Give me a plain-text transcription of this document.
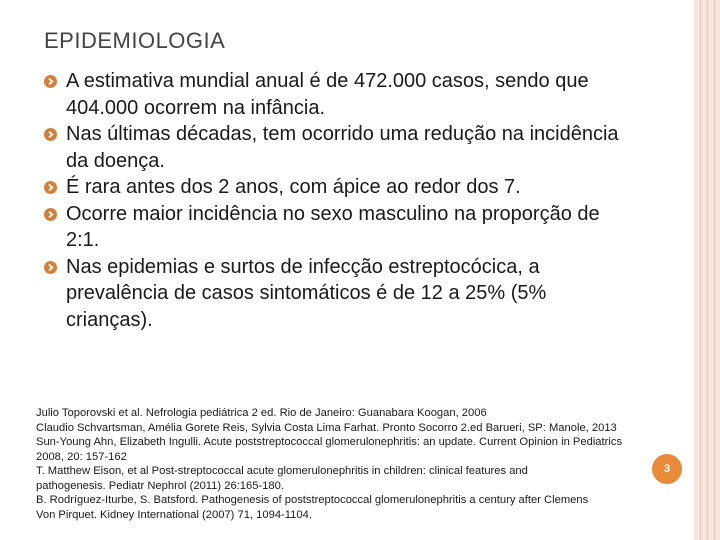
EPIDEMIOLOGIA
A estimativa mundial anual é de 472.000 casos, sendo que 404.000 ocorrem na infância.
Nas últimas décadas, tem ocorrido uma redução na incidência da doença.
É rara antes dos 2 anos, com ápice ao redor dos 7.
Ocorre maior incidência no sexo masculino na proporção de 2:1.
Nas epidemias e surtos de infecção estreptocócica, a prevalência de casos sintomáticos é de 12 a 25% (5% crianças).
Julio Toporovski et al. Nefrologia pediátrica 2 ed. Rio de Janeiro: Guanabara Koogan, 2006
Claudio Schvartsman, Amélia Gorete Reis, Sylvia Costa Lima Farhat. Pronto Socorro 2.ed Barueri, SP: Manole, 2013
Sun-Young Ahn, Elizabeth Ingulli. Acute poststreptococcal glomerulonephritis: an update. Current Opinion in Pediatrics
2008, 20: 157-162
T. Matthew Eison, et al Post-streptococcal acute glomerulonephritis in children: clinical features and
pathogenesis. Pediatr Nephrol (2011) 26:165-180.
B. Rodríguez-Iturbe, S. Batsford. Pathogenesis of poststreptococcal glomerulonephritis a century after Clemens
Von Pirquet. Kidney International (2007) 71, 1094-1104.
3
